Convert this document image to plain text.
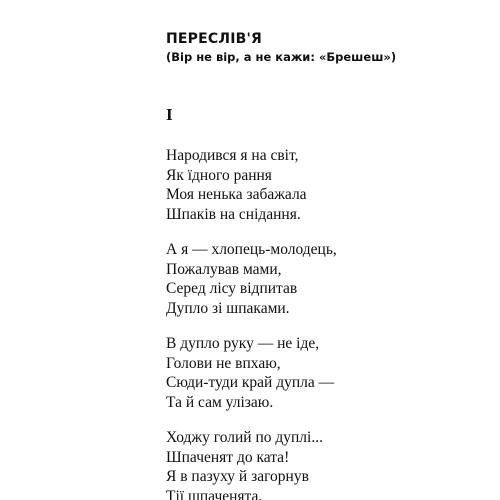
ПЕРЕСЛІВ'Я
(Вір не вір, а не кажи: «Брешеш»)
I
Народився я на світ,
Як їдного рання
Моя ненька забажала
Шпаків на снідання.
А я — хлопець-молодець,
Пожалував мами,
Серед лісу відпитав
Дупло зі шпаками.
В дупло руку — не іде,
Голови не впхаю,
Сюди-туди край дупла —
Та й сам улізаю.
Ходжу голий по дуплі...
Шпаченят до ката!
Я в пазуху й загорнув
Тії шпаченята.
